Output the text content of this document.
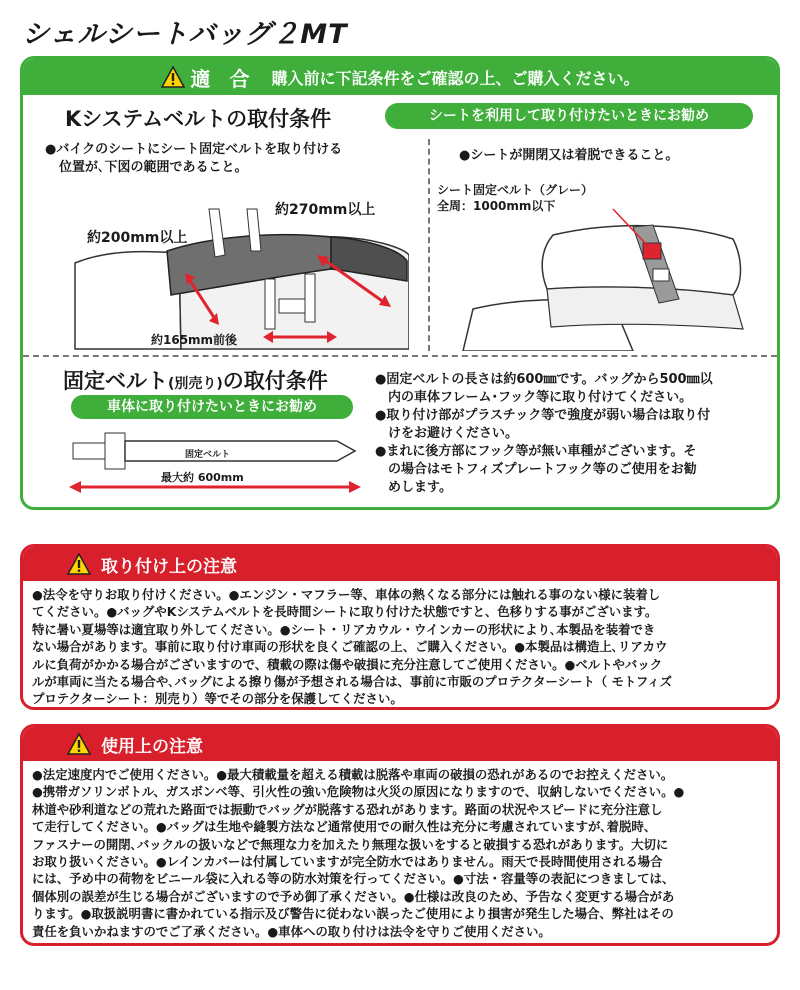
シェルシートバッグ２MT
適 合 購入前に下記条件をご確認の上、ご購入ください。
Kシステムベルトの取付条件	シートを利用して取り付けたいときにお勧め
●バイクのシートにシート固定ベルトを取り付ける
位置が､下図の範囲であること。
約200mm以上
約270mm以上
約165mm前後
●シートが開閉又は着脱できること。
シート固定ベルト（グレー）
全周：1000mm以下
固定ベルト(別売り)の取付条件
車体に取り付けたいときにお勧め
固定ベルト
最大約 600mm
●固定ベルトの長さは約600㎜です。バッグから500㎜以
　内の車体フレーム･フック等に取り付けてください。
●取り付け部がプラスチック等で強度が弱い場合は取り付
　けをお避けください。
●まれに後方部にフック等が無い車種がございます。そ
　の場合はモトフィズプレートフック等のご使用をお勧
　めします。
取り付け上の注意
●法令を守りお取り付けください。●エンジン・マフラー等、車体の熱くなる部分には触れる事のない様に装着し
てください。●バッグやKシステムベルトを長時間シートに取り付けた状態ですと、色移りする事がございます。
特に暑い夏場等は適宜取り外してください。●シート・リアカウル・ウインカーの形状により､本製品を装着でき
ない場合があります。事前に取り付け車両の形状を良くご確認の上、ご購入ください。●本製品は構造上､リアカウ
ルに負荷がかかる場合がございますので、積載の際は傷や破損に充分注意してご使用ください。●ベルトやバック
ルが車両に当たる場合や､バッグによる擦り傷が予想される場合は、事前に市販のプロテクターシート（ モトフィズ
プロテクターシート：別売り）等でその部分を保護してください。
使用上の注意
●法定速度内でご使用ください。●最大積載量を超える積載は脱落や車両の破損の恐れがあるのでお控えください。
●携帯ガソリンボトル、ガスボンベ等、引火性の強い危険物は火災の原因になりますので、収納しないでください。●
林道や砂利道などの荒れた路面では振動でバッグが脱落する恐れがあります。路面の状況やスピードに充分注意し
て走行してください。●バッグは生地や縫製方法など通常使用での耐久性は充分に考慮されていますが､着脱時、
ファスナーの開閉､バックルの扱いなどで無理な力を加えたり無理な扱いをすると破損する恐れがあります。大切に
お取り扱いください。●レインカバーは付属していますが完全防水ではありません。雨天で長時間使用される場合
には、予め中の荷物をビニール袋に入れる等の防水対策を行ってください。●寸法・容量等の表記につきましては、
個体別の誤差が生じる場合がございますので予め御了承ください。●仕様は改良のため、予告なく変更する場合があ
ります。●取扱説明書に書かれている指示及び警告に従わない誤ったご使用により損害が発生した場合、弊社はその
責任を負いかねますのでご了承ください。●車体への取り付けは法令を守りご使用ください。
